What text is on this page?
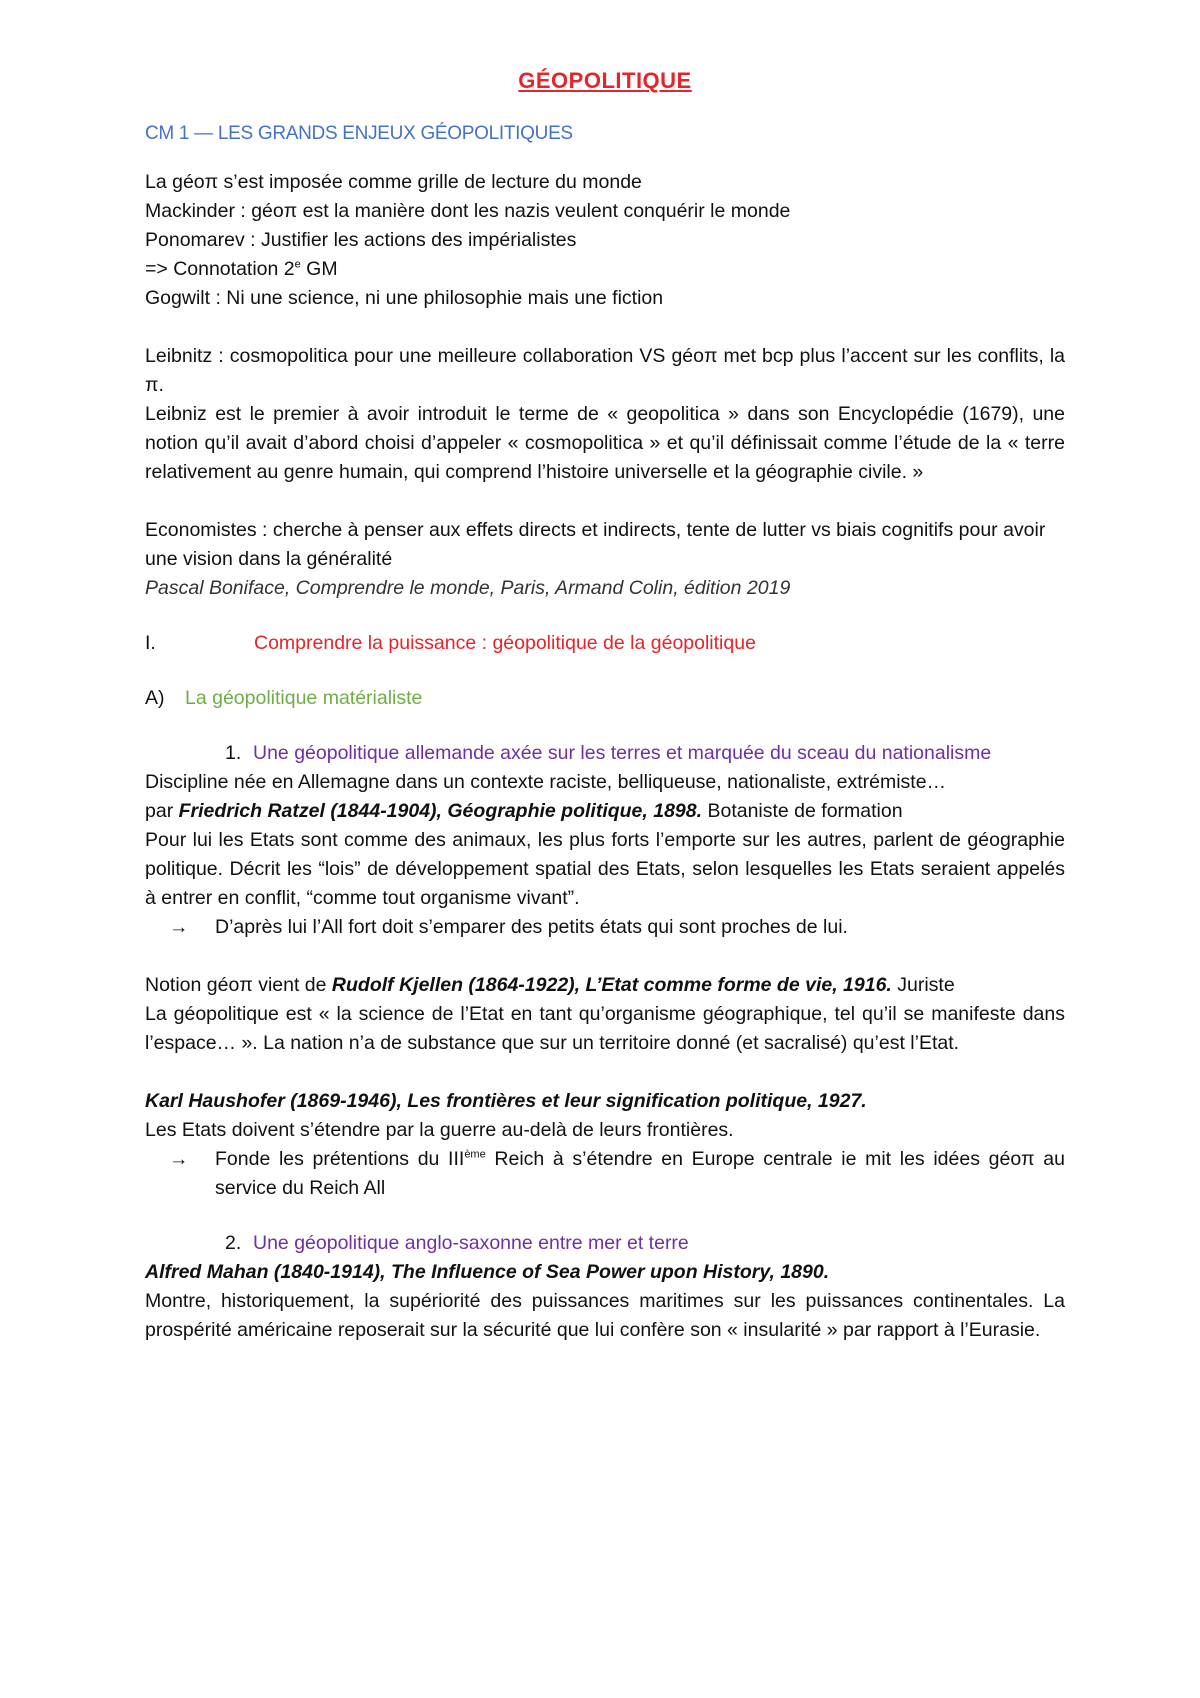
GÉOPOLITIQUE

CM 1 — LES GRANDS ENJEUX GÉOPOLITIQUES

La géoπ s’est imposée comme grille de lecture du monde

Mackinder : géoπ est la manière dont les nazis veulent conquérir le monde

Ponomarev : Justifier les actions des impérialistes

=> Connotation 2e GM

Gogwilt : Ni une science, ni une philosophie mais une fiction

Leibnitz : cosmopolitica pour une meilleure collaboration VS géoπ met bcp plus l’accent sur les conflits, la π.

Leibniz est le premier à avoir introduit le terme de « geopolitica » dans son Encyclopédie (1679), une notion qu’il avait d’abord choisi d’appeler « cosmopolitica » et qu’il définissait comme l’étude de la « terre relativement au genre humain, qui comprend l’histoire universelle et la géographie civile. »

Economistes : cherche à penser aux effets directs et indirects, tente de lutter vs biais cognitifs pour avoir une vision dans la généralité

Pascal Boniface, Comprendre le monde, Paris, Armand Colin, édition 2019

I.	Comprendre la puissance : géopolitique de la géopolitique
A)	La géopolitique matérialiste
1. Une géopolitique allemande axée sur les terres et marquée du sceau du nationalisme

Discipline née en Allemagne dans un contexte raciste, belliqueuse, nationaliste, extrémiste…

par Friedrich Ratzel (1844-1904), Géographie politique, 1898. Botaniste de formation

Pour lui les Etats sont comme des animaux, les plus forts l’emporte sur les autres, parlent de géographie politique. Décrit les “lois” de développement spatial des Etats, selon lesquelles les Etats seraient appelés à entrer en conflit, “comme tout organisme vivant”.

→	D’après lui l’All fort doit s’emparer des petits états qui sont proches de lui.

Notion géoπ vient de Rudolf Kjellen (1864-1922), L’Etat comme forme de vie, 1916. Juriste

La géopolitique est « la science de l’Etat en tant qu’organisme géographique, tel qu’il se manifeste dans l’espace… ». La nation n’a de substance que sur un territoire donné (et sacralisé) qu’est l’Etat.

Karl Haushofer (1869-1946), Les frontières et leur signification politique, 1927.

Les Etats doivent s’étendre par la guerre au-delà de leurs frontières.

→	Fonde les prétentions du IIIème Reich à s’étendre en Europe centrale ie mit les idées géoπ au service du Reich All
2. Une géopolitique anglo-saxonne entre mer et terre

Alfred Mahan (1840-1914), The Influence of Sea Power upon History, 1890.

Montre, historiquement, la supériorité des puissances maritimes sur les puissances continentales. La prospérité américaine reposerait sur la sécurité que lui confère son « insularité » par rapport à l’Eurasie.
